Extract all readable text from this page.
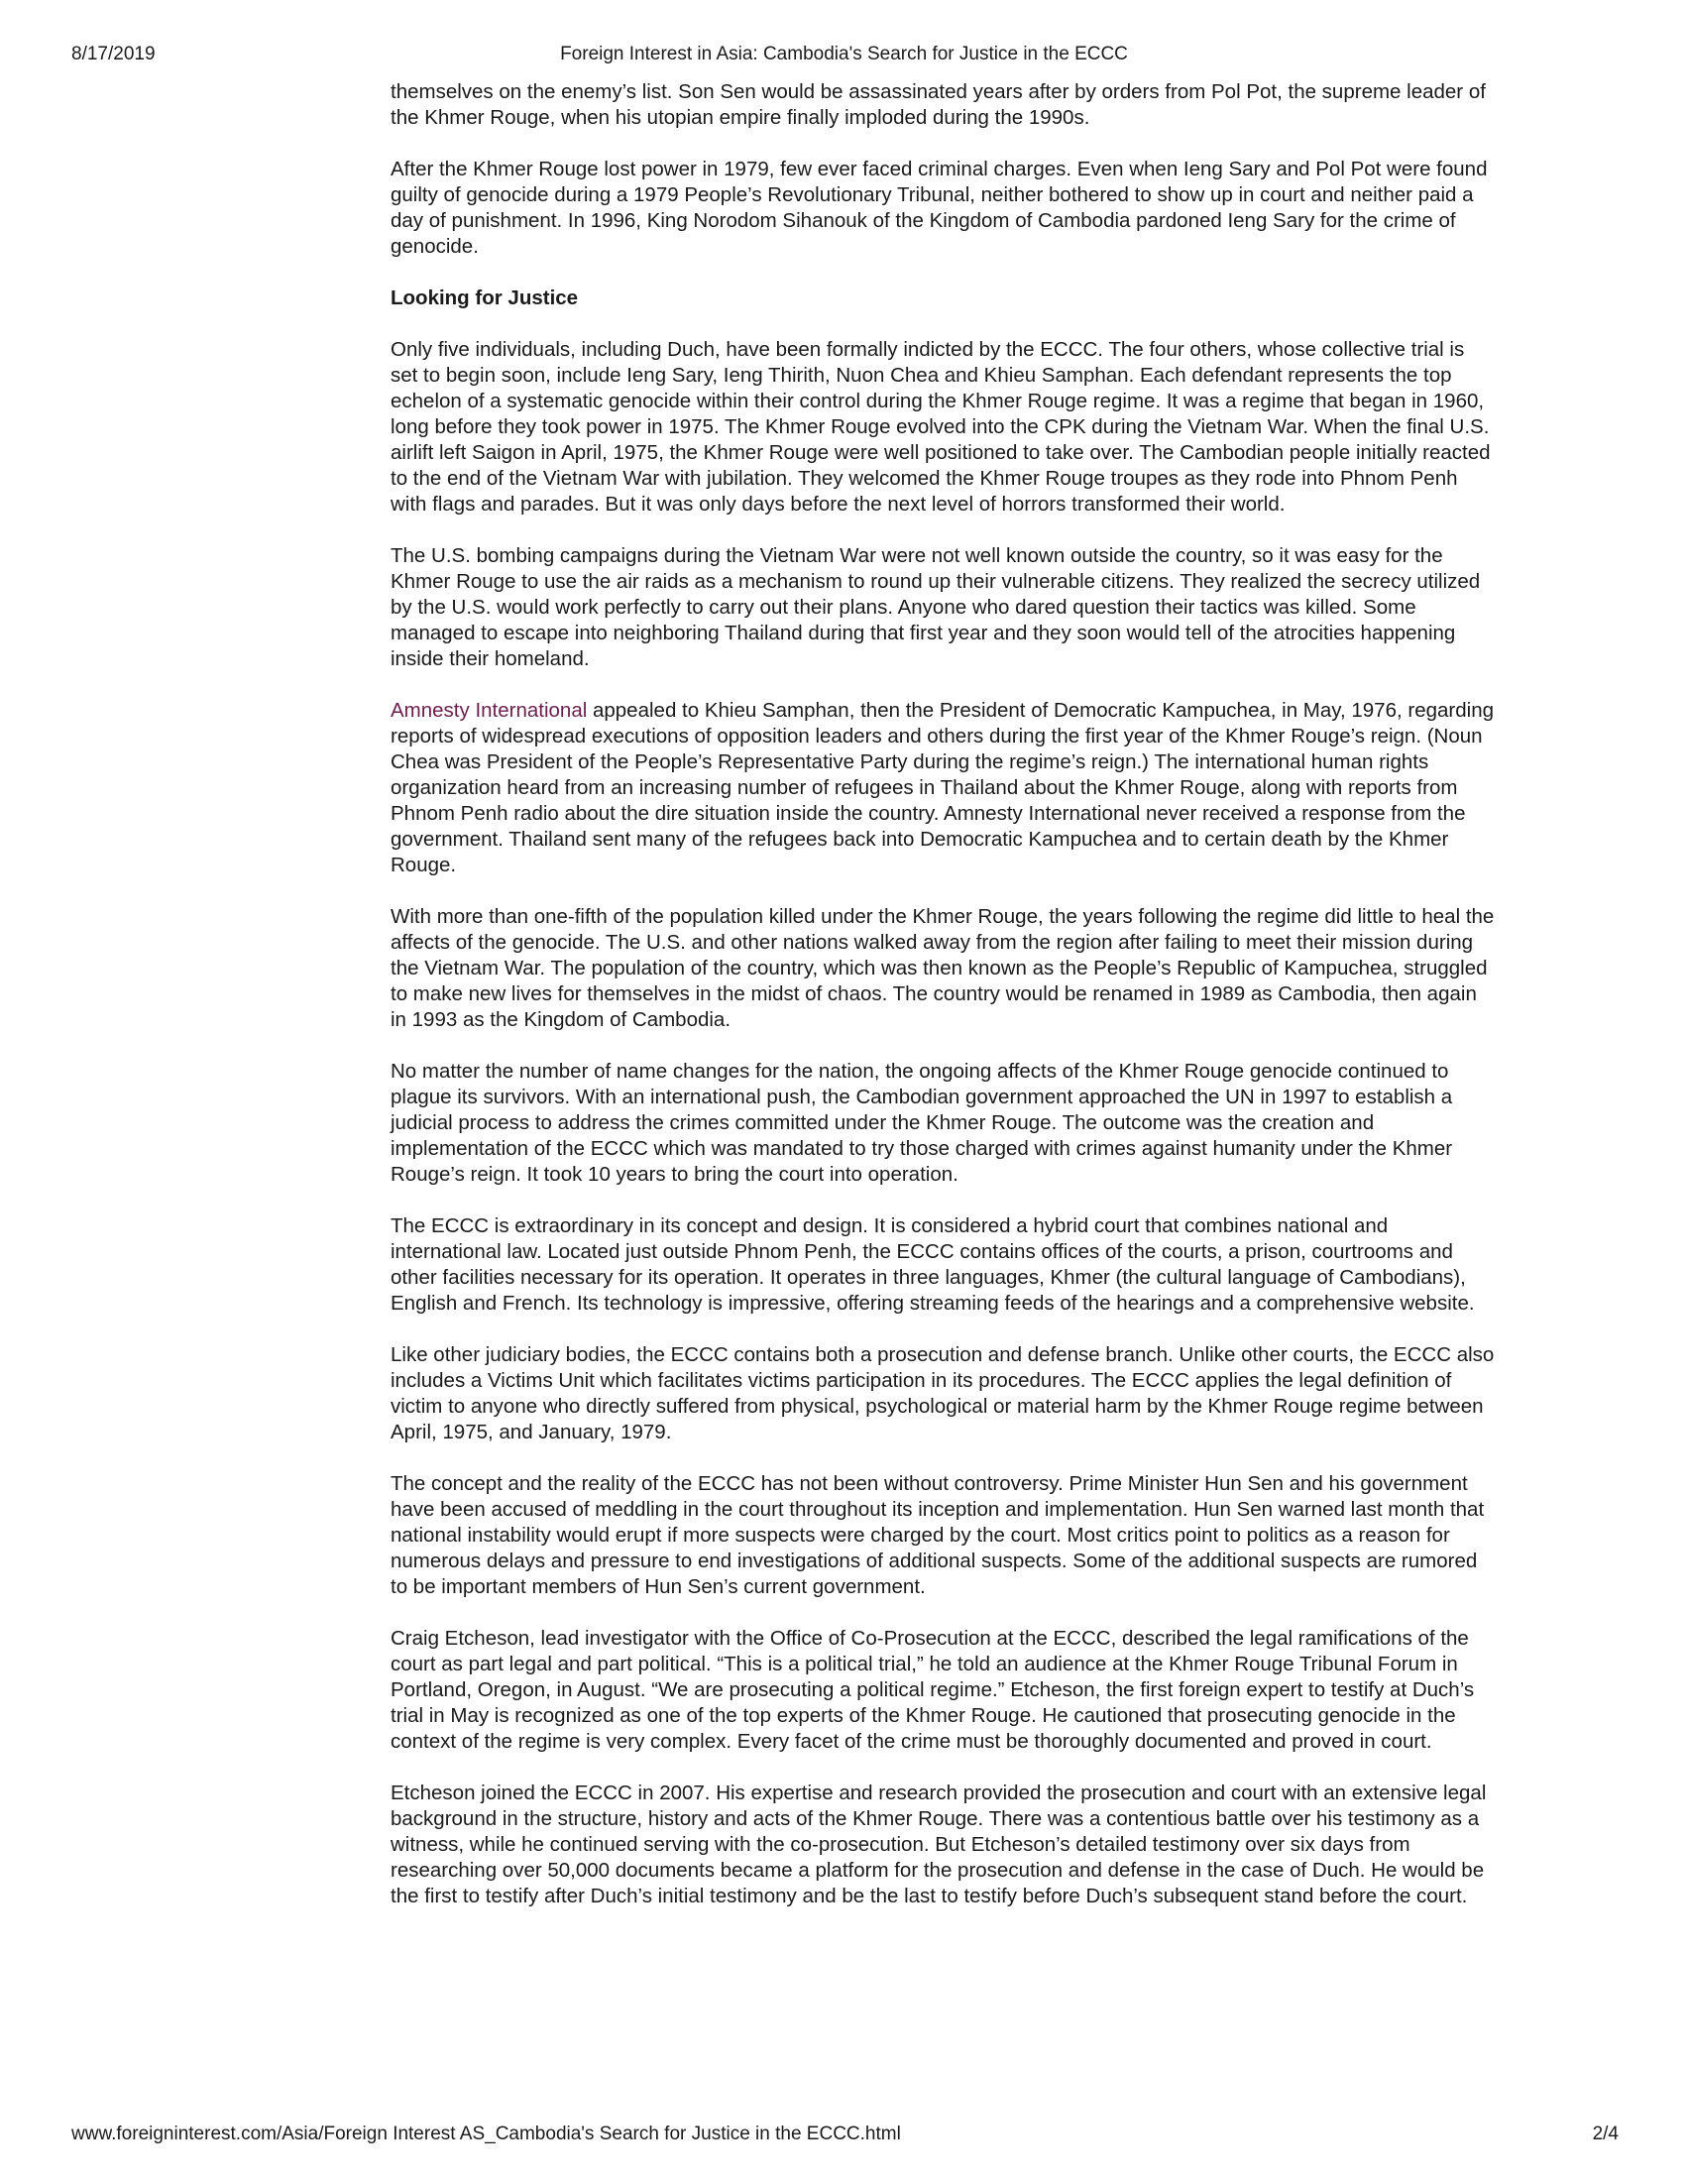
8/17/2019	Foreign Interest in Asia: Cambodia's Search for Justice in the ECCC

themselves on the enemy’s list. Son Sen would be assassinated years after by orders from Pol Pot, the supreme leader of the Khmer Rouge, when his utopian empire finally imploded during the 1990s.

After the Khmer Rouge lost power in 1979, few ever faced criminal charges. Even when Ieng Sary and Pol Pot were found guilty of genocide during a 1979 People’s Revolutionary Tribunal, neither bothered to show up in court and neither paid a day of punishment. In 1996, King Norodom Sihanouk of the Kingdom of Cambodia pardoned Ieng Sary for the crime of genocide.

Looking for Justice

Only five individuals, including Duch, have been formally indicted by the ECCC. The four others, whose collective trial is set to begin soon, include Ieng Sary, Ieng Thirith, Nuon Chea and Khieu Samphan. Each defendant represents the top echelon of a systematic genocide within their control during the Khmer Rouge regime. It was a regime that began in 1960, long before they took power in 1975. The Khmer Rouge evolved into the CPK during the Vietnam War. When the final U.S. airlift left Saigon in April, 1975, the Khmer Rouge were well positioned to take over. The Cambodian people initially reacted to the end of the Vietnam War with jubilation. They welcomed the Khmer Rouge troupes as they rode into Phnom Penh with flags and parades. But it was only days before the next level of horrors transformed their world.

The U.S. bombing campaigns during the Vietnam War were not well known outside the country, so it was easy for the Khmer Rouge to use the air raids as a mechanism to round up their vulnerable citizens. They realized the secrecy utilized by the U.S. would work perfectly to carry out their plans. Anyone who dared question their tactics was killed. Some managed to escape into neighboring Thailand during that first year and they soon would tell of the atrocities happening inside their homeland.

Amnesty International appealed to Khieu Samphan, then the President of Democratic Kampuchea, in May, 1976, regarding reports of widespread executions of opposition leaders and others during the first year of the Khmer Rouge’s reign. (Noun Chea was President of the People’s Representative Party during the regime’s reign.) The international human rights organization heard from an increasing number of refugees in Thailand about the Khmer Rouge, along with reports from Phnom Penh radio about the dire situation inside the country. Amnesty International never received a response from the government. Thailand sent many of the refugees back into Democratic Kampuchea and to certain death by the Khmer Rouge.

With more than one-fifth of the population killed under the Khmer Rouge, the years following the regime did little to heal the affects of the genocide. The U.S. and other nations walked away from the region after failing to meet their mission during the Vietnam War. The population of the country, which was then known as the People’s Republic of Kampuchea, struggled to make new lives for themselves in the midst of chaos. The country would be renamed in 1989 as Cambodia, then again in 1993 as the Kingdom of Cambodia.

No matter the number of name changes for the nation, the ongoing affects of the Khmer Rouge genocide continued to plague its survivors. With an international push, the Cambodian government approached the UN in 1997 to establish a judicial process to address the crimes committed under the Khmer Rouge. The outcome was the creation and implementation of the ECCC which was mandated to try those charged with crimes against humanity under the Khmer Rouge’s reign. It took 10 years to bring the court into operation.

The ECCC is extraordinary in its concept and design. It is considered a hybrid court that combines national and international law. Located just outside Phnom Penh, the ECCC contains offices of the courts, a prison, courtrooms and other facilities necessary for its operation. It operates in three languages, Khmer (the cultural language of Cambodians), English and French. Its technology is impressive, offering streaming feeds of the hearings and a comprehensive website.

Like other judiciary bodies, the ECCC contains both a prosecution and defense branch. Unlike other courts, the ECCC also includes a Victims Unit which facilitates victims participation in its procedures. The ECCC applies the legal definition of victim to anyone who directly suffered from physical, psychological or material harm by the Khmer Rouge regime between April, 1975, and January, 1979.

The concept and the reality of the ECCC has not been without controversy. Prime Minister Hun Sen and his government have been accused of meddling in the court throughout its inception and implementation. Hun Sen warned last month that national instability would erupt if more suspects were charged by the court. Most critics point to politics as a reason for numerous delays and pressure to end investigations of additional suspects. Some of the additional suspects are rumored to be important members of Hun Sen’s current government.

Craig Etcheson, lead investigator with the Office of Co-Prosecution at the ECCC, described the legal ramifications of the court as part legal and part political. “This is a political trial,” he told an audience at the Khmer Rouge Tribunal Forum in Portland, Oregon, in August. “We are prosecuting a political regime.” Etcheson, the first foreign expert to testify at Duch’s trial in May is recognized as one of the top experts of the Khmer Rouge. He cautioned that prosecuting genocide in the context of the regime is very complex. Every facet of the crime must be thoroughly documented and proved in court.

Etcheson joined the ECCC in 2007. His expertise and research provided the prosecution and court with an extensive legal background in the structure, history and acts of the Khmer Rouge. There was a contentious battle over his testimony as a witness, while he continued serving with the co-prosecution. But Etcheson’s detailed testimony over six days from researching over 50,000 documents became a platform for the prosecution and defense in the case of Duch. He would be the first to testify after Duch’s initial testimony and be the last to testify before Duch’s subsequent stand before the court.

www.foreigninterest.com/Asia/Foreign Interest AS_Cambodia's Search for Justice in the ECCC.html	2/4
